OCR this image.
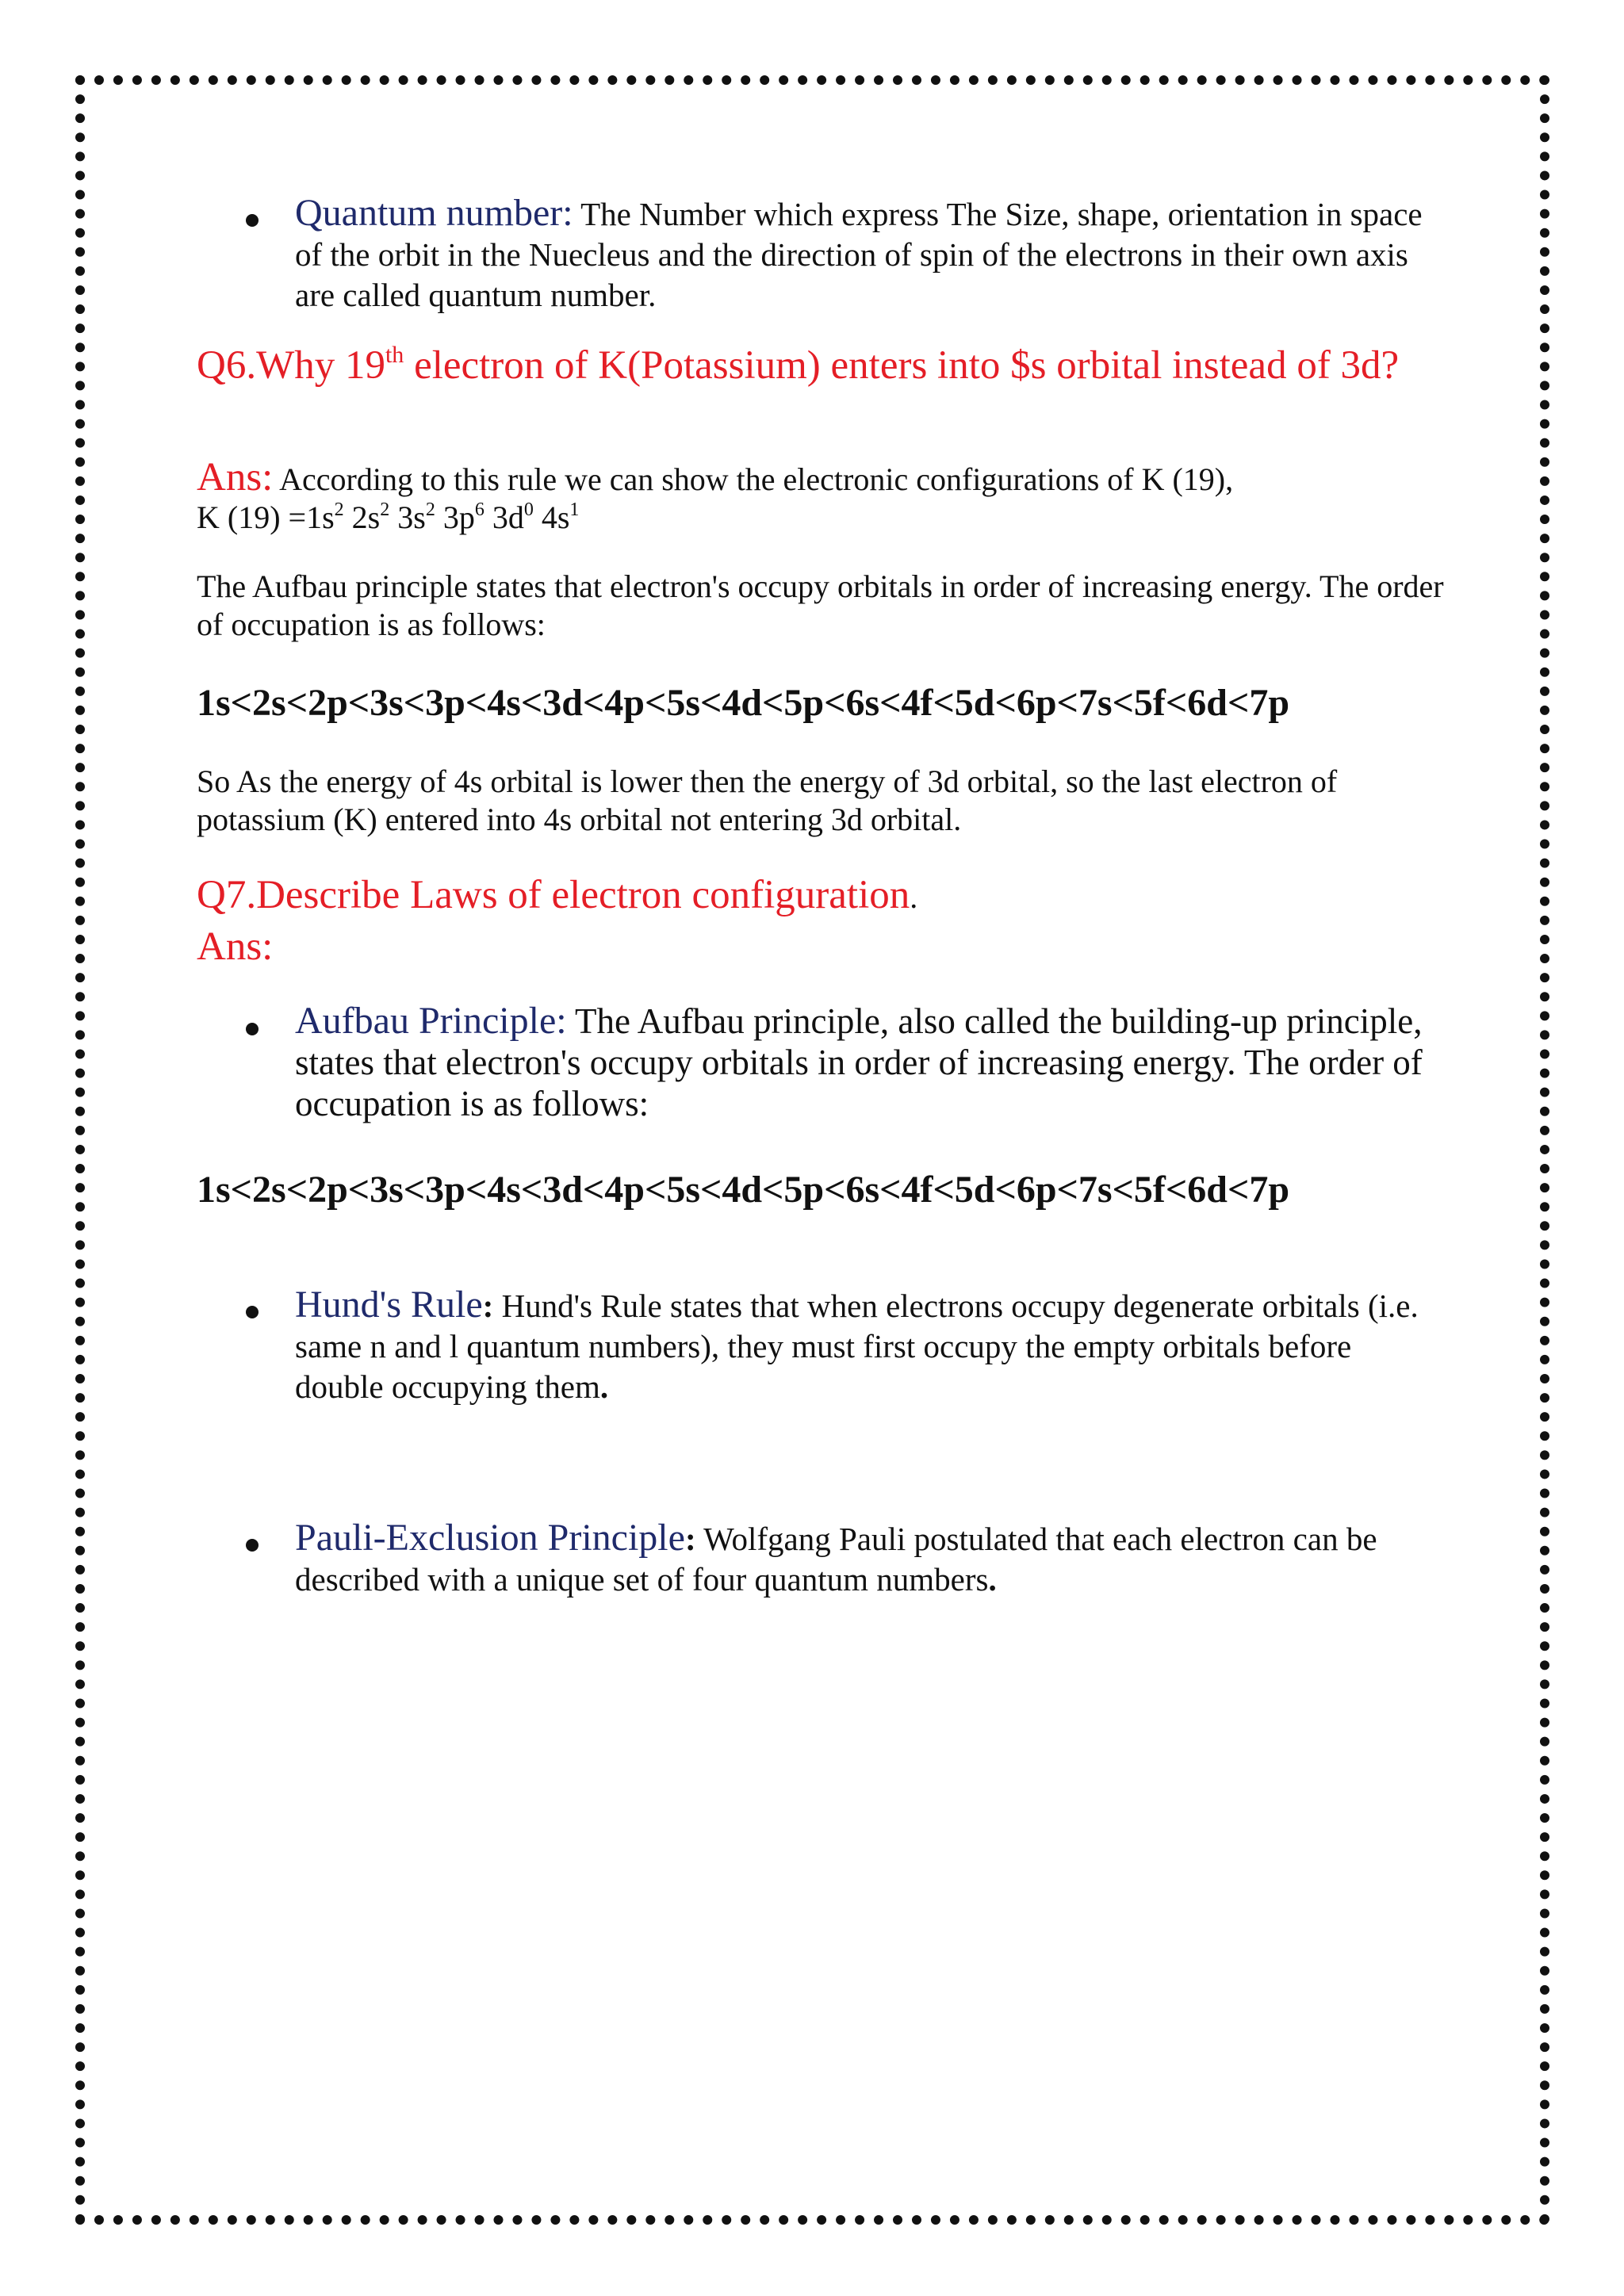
Quantum number: The Number which express The Size, shape, orientation in space of the orbit in the Nuecleus and the direction of spin of the electrons in their own axis are called quantum number.
Q6.Why 19th electron of K(Potassium) enters into $s orbital instead of 3d?
Ans: According to this rule we can show the electronic configurations of K (19),
K $(19) =1s^2$ $2s^2$ $3s^2$ $3p^6$ $3d^0$ $4s^1$
The Aufbau principle states that electron's occupy orbitals in order of increasing energy. The order of occupation is as follows:
1s<2s<2p<3s<3p<4s<3d<4p<5s<4d<5p<6s<4f<5d<6p<7s<5f<6d<7p
So As the energy of 4s orbital is lower then the energy of 3d orbital, so the last electron of potassium (K) entered into 4s orbital not entering 3d orbital.
Q7.Describe Laws of electron configuration.
Ans:
Aufbau Principle: The Aufbau principle, also called the building-up principle, states that electron's occupy orbitals in order of increasing energy. The order of occupation is as follows:
1s<2s<2p<3s<3p<4s<3d<4p<5s<4d<5p<6s<4f<5d<6p<7s<5f<6d<7p
Hund's Rule: Hund's Rule states that when electrons occupy degenerate orbitals (i.e. same n and l quantum numbers), they must first occupy the empty orbitals before double occupying them.
Pauli-Exclusion Principle: Wolfgang Pauli postulated that each electron can be described with a unique set of four quantum numbers.
